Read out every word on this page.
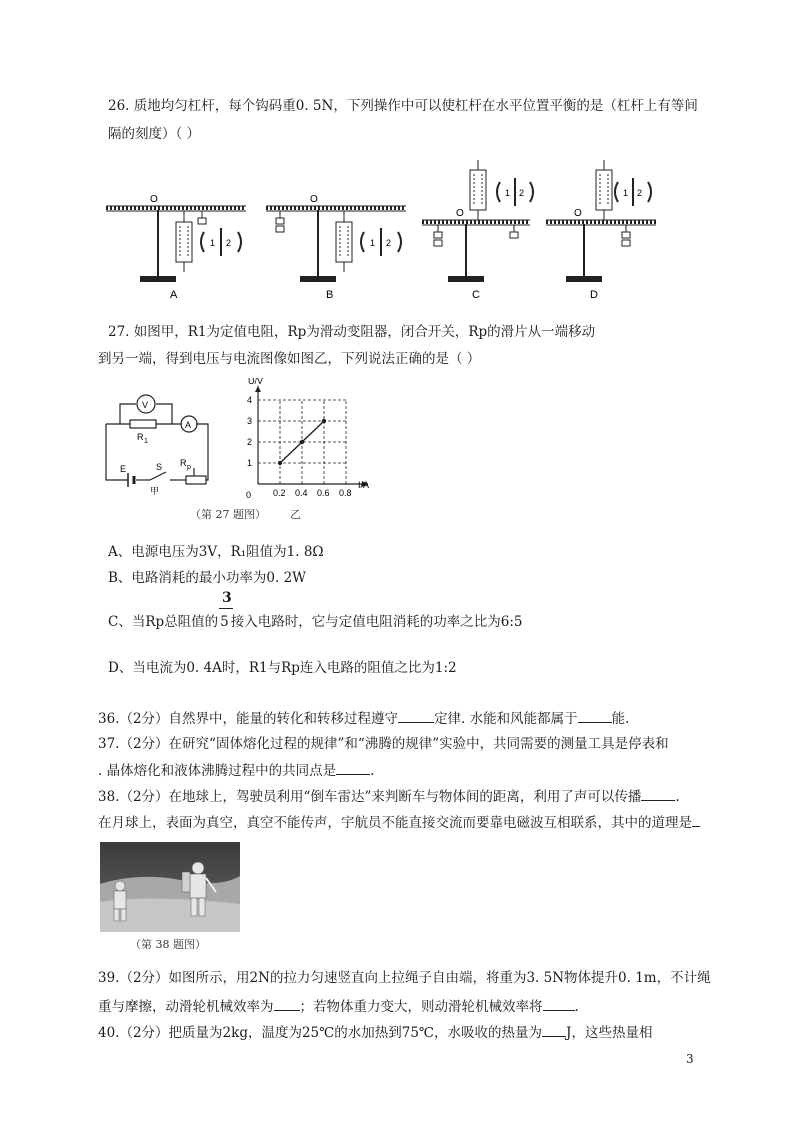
26. 质地均匀杠杆，每个钩码重0. 5N，下列操作中可以使杠杆在水平位置平衡的是（杠杆上有等间
隔的刻度）（ ）
O
1 2
A
O
1 2
B
O
1 2
C
O
1 2
D
27. 如图甲，R1为定值电阻，Rp为滑动变阻器，闭合开关，Rp的滑片从一端移动
到另一端，得到电压与电流图像如图乙，下列说法正确的是（ ）
V
A
R 1
E	S R p
甲
（第 27 题图） 乙
0.2 0.4 0.6 0.8
1
2
3
4
0
I/A
U/V
A、电源电压为3V，R₁阻值为1. 8Ω
B、电路消耗的最小功率为0. 2W
3
C、当Rp总阻值的 5 接入电路时，它与定值电阻消耗的功率之比为6:5
D、当电流为0. 4A时，R1与Rp连入电路的阻值之比为1:2
36.（2分）自然界中，能量的转化和转移过程遵守	定律. 水能和风能都属于	能.
37.（2分）在研究“固体熔化过程的规律”和“沸腾的规律”实验中，共同需要的测量工具是停表和
. 晶体熔化和液体沸腾过程中的共同点是	.
38.（2分）在地球上，驾驶员利用“倒车雷达”来判断车与物体间的距离，利用了声可以传播	.
在月球上，表面为真空，真空不能传声，宇航员不能直接交流而要靠电磁波互相联系，其中的道理是
（第 38 题图）
39.（2分）如图所示，用2N的拉力匀速竖直向上拉绳子自由端，将重为3. 5N物体提升0. 1m，不计绳
重与摩擦，动滑轮机械效率为 ；若物体重力变大，则动滑轮机械效率将 .
40.（2分）把质量为2kg，温度为25℃的水加热到75℃，水吸收的热量为 J，这些热量相
3
